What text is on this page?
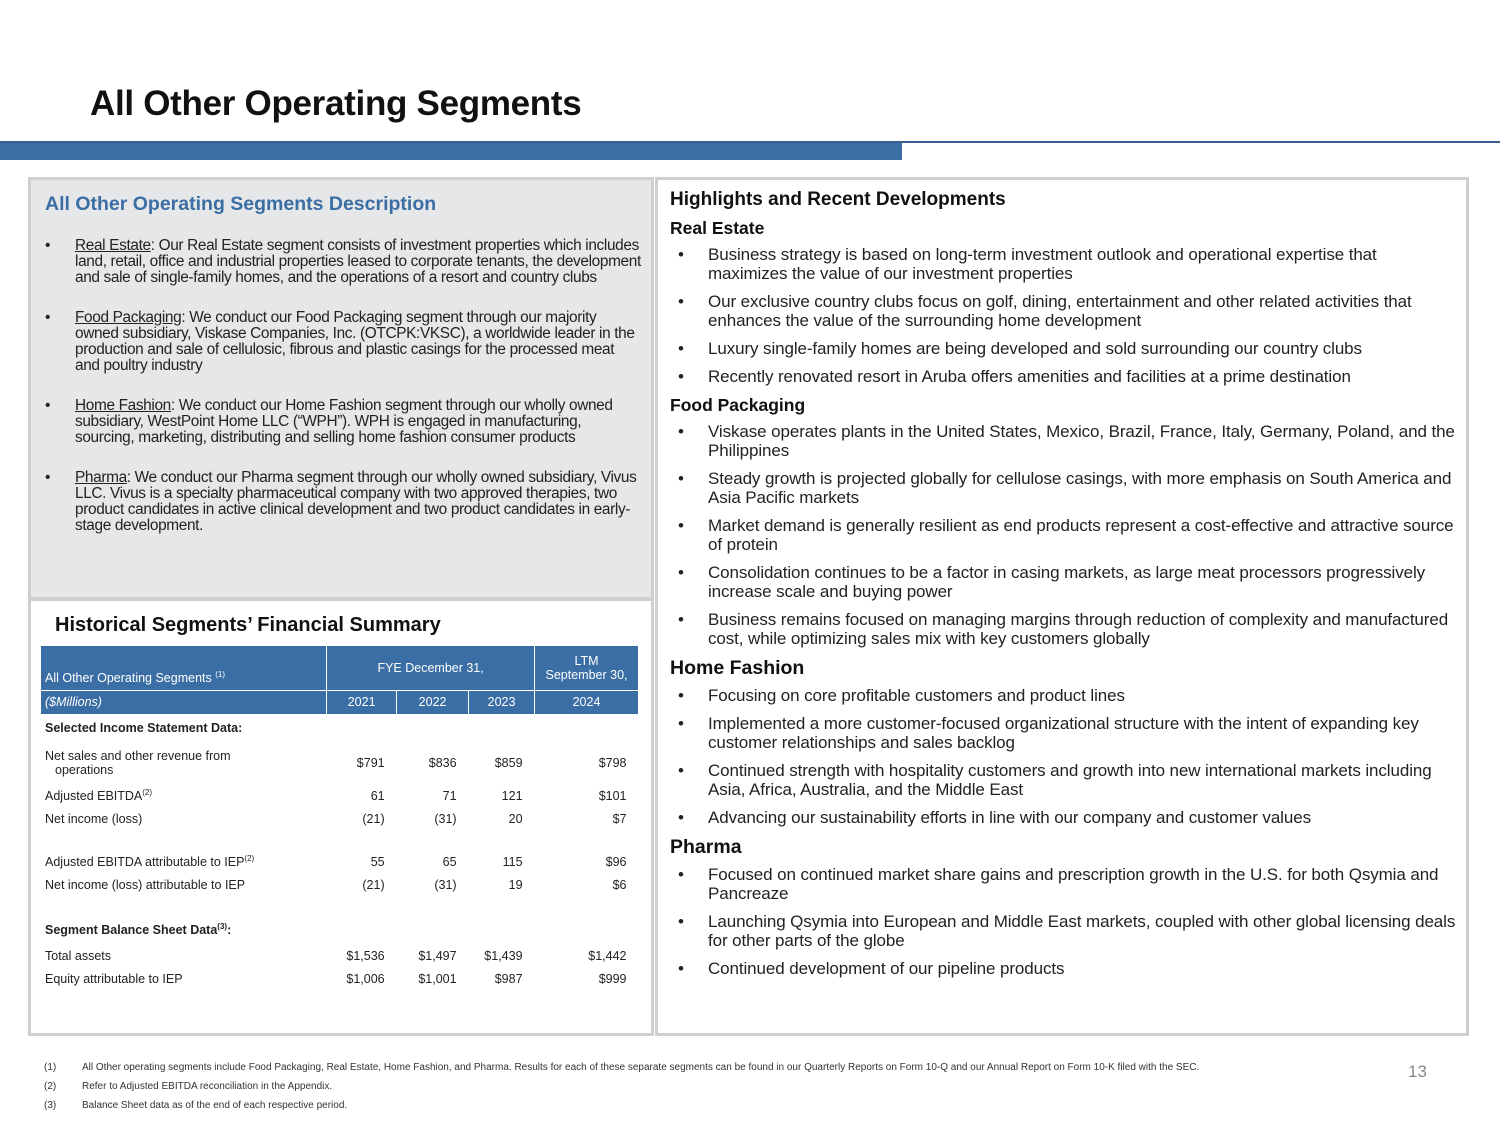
All Other Operating Segments
All Other Operating Segments Description
• Real Estate: Our Real Estate segment consists of investment properties which includes land, retail, office and industrial properties leased to corporate tenants, the development and sale of single-family homes, and the operations of a resort and country clubs
• Food Packaging: We conduct our Food Packaging segment through our majority owned subsidiary, Viskase Companies, Inc. (OTCPK:VKSC), a worldwide leader in the production and sale of cellulosic, fibrous and plastic casings for the processed meat and poultry industry
• Home Fashion: We conduct our Home Fashion segment through our wholly owned subsidiary, WestPoint Home LLC (“WPH”). WPH is engaged in manufacturing, sourcing, marketing, distributing and selling home fashion consumer products
• Pharma: We conduct our Pharma segment through our wholly owned subsidiary, Vivus LLC. Vivus is a specialty pharmaceutical company with two approved therapies, two product candidates in active clinical development and two product candidates in early-stage development.
Historical Segments’ Financial Summary
All Other Operating Segments $^{(1)}$	FYE December 31,			LTM
September 30,

($Millions)	2021	2022	2023	2024
Selected Income Statement Data:				

Net sales and other revenue from
operations	$791	$836	$859	$798
Adjusted EBITDA$^{(2)}$	61	71	121	$101
Net income (loss)	(21)	(31)	20	$7

Adjusted EBITDA attributable to IEP$^{(2)}$	55	65	115	$96
Net income (loss) attributable to IEP	(21)	(31)	19	$6

Segment Balance Sheet Data$^{(3)}$:				
Total assets	$1,536	$1,497	$1,439	$1,442
Equity attributable to IEP	$1,006	$1,001	$987	$999
Highlights and Recent Developments
Real Estate
• Business strategy is based on long-term investment outlook and operational expertise that maximizes the value of our investment properties
• Our exclusive country clubs focus on golf, dining, entertainment and other related activities that enhances the value of the surrounding home development
• Luxury single-family homes are being developed and sold surrounding our country clubs
• Recently renovated resort in Aruba offers amenities and facilities at a prime destination
Food Packaging
• Viskase operates plants in the United States, Mexico, Brazil, France, Italy, Germany, Poland, and the Philippines
• Steady growth is projected globally for cellulose casings, with more emphasis on South America and Asia Pacific markets
• Market demand is generally resilient as end products represent a cost-effective and attractive source of protein
• Consolidation continues to be a factor in casing markets, as large meat processors progressively increase scale and buying power
• Business remains focused on managing margins through reduction of complexity and manufactured cost, while optimizing sales mix with key customers globally
Home Fashion
• Focusing on core profitable customers and product lines
• Implemented a more customer-focused organizational structure with the intent of expanding key customer relationships and sales backlog
• Continued strength with hospitality customers and growth into new international markets including Asia, Africa, Australia, and the Middle East
• Advancing our sustainability efforts in line with our company and customer values
Pharma
• Focused on continued market share gains and prescription growth in the U.S. for both Qsymia and Pancreaze
• Launching Qsymia into European and Middle East markets, coupled with other global licensing deals for other parts of the globe
• Continued development of our pipeline products
(1)	All Other operating segments include Food Packaging, Real Estate, Home Fashion, and Pharma. Results for each of these separate segments can be found in our Quarterly Reports on Form 10-Q and our Annual Report on Form 10-K filed with the SEC.
(2)	Refer to Adjusted EBITDA reconciliation in the Appendix.
(3)	Balance Sheet data as of the end of each respective period.
13
